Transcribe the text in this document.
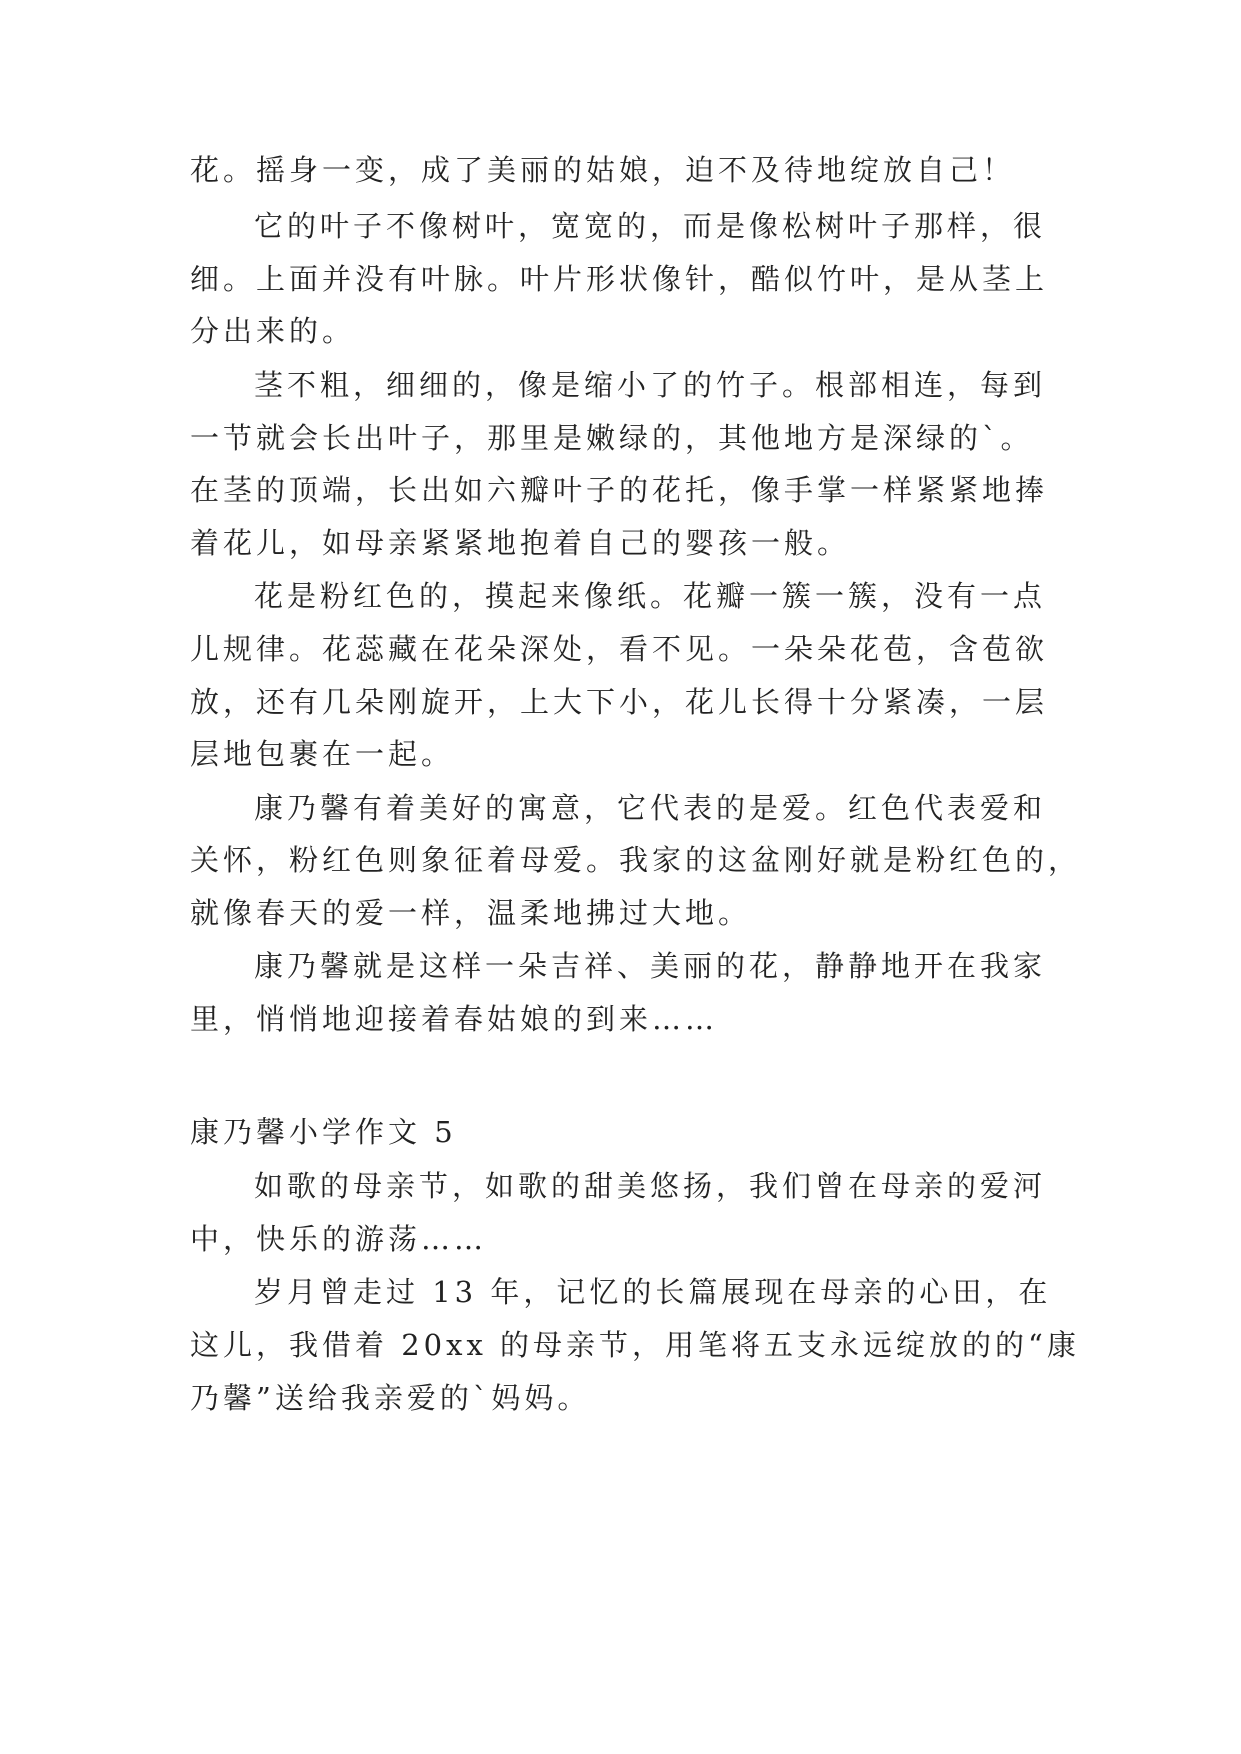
花。摇身一变，成了美丽的姑娘，迫不及待地绽放自己！
它的叶子不像树叶，宽宽的，而是像松树叶子那样，很
细。上面并没有叶脉。叶片形状像针，酷似竹叶，是从茎上
分出来的。
茎不粗，细细的，像是缩小了的竹子。根部相连，每到
一节就会长出叶子，那里是嫩绿的，其他地方是深绿的`。
在茎的顶端，长出如六瓣叶子的花托，像手掌一样紧紧地捧
着花儿，如母亲紧紧地抱着自己的婴孩一般。
花是粉红色的，摸起来像纸。花瓣一簇一簇，没有一点
儿规律。花蕊藏在花朵深处，看不见。一朵朵花苞，含苞欲
放，还有几朵刚旋开，上大下小，花儿长得十分紧凑，一层
层地包裹在一起。
康乃馨有着美好的寓意，它代表的是爱。红色代表爱和
关怀，粉红色则象征着母爱。我家的这盆刚好就是粉红色的，
就像春天的爱一样，温柔地拂过大地。
康乃馨就是这样一朵吉祥、美丽的花，静静地开在我家
里，悄悄地迎接着春姑娘的到来……
康乃馨小学作文 5
如歌的母亲节，如歌的甜美悠扬，我们曾在母亲的爱河
中，快乐的游荡……
岁月曾走过 13 年，记忆的长篇展现在母亲的心田，在
这儿，我借着 20xx 的母亲节，用笔将五支永远绽放的的“康
乃馨”送给我亲爱的`妈妈。
